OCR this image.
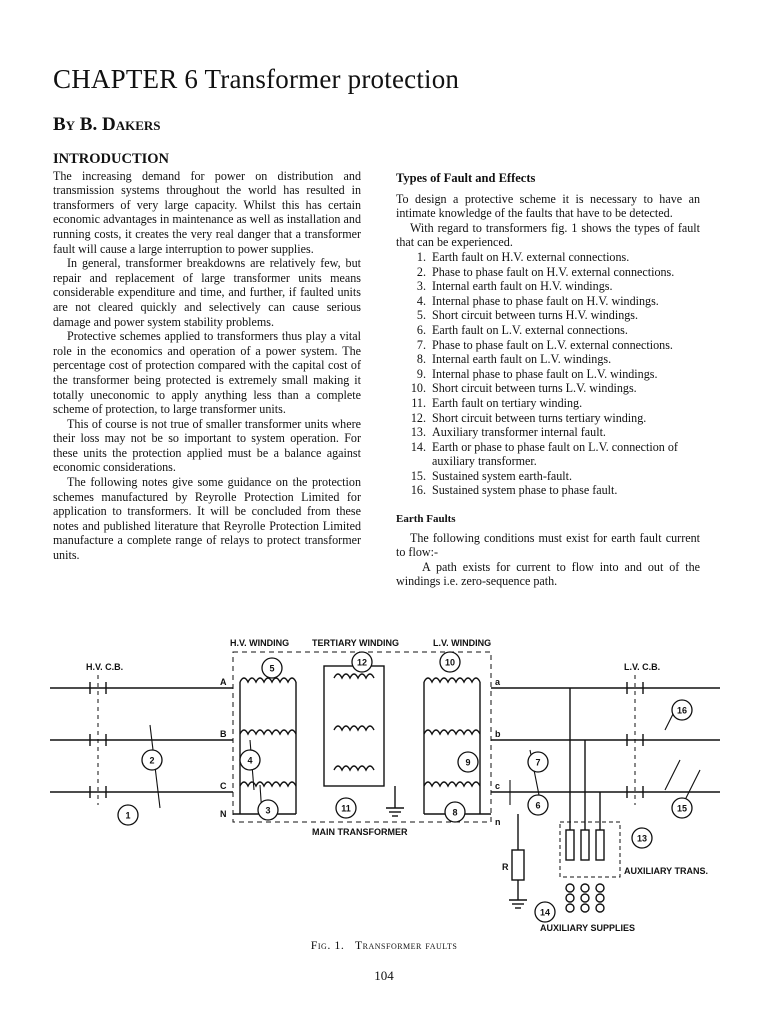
CHAPTER 6 Transformer protection
By B. Dakers
INTRODUCTION

The increasing demand for power on distribution and transmission systems throughout the world has resulted in transformers of very large capacity. Whilst this has certain economic advantages in maintenance as well as installation and running costs, it creates the very real danger that a transformer fault will cause a large interruption to power supplies.

In general, transformer breakdowns are relatively few, but repair and replacement of large transformer units means considerable expenditure and time, and further, if faulted units are not cleared quickly and selectively can cause serious damage and power system stability problems.

Protective schemes applied to transformers thus play a vital role in the economics and operation of a power system. The percentage cost of protection compared with the capital cost of the transformer being protected is extremely small making it totally uneconomic to apply anything less than a complete scheme of protection, to large transformer units.

This of course is not true of smaller transformer units where their loss may not be so important to system operation. For these units the protection applied must be a balance against economic considerations.

The following notes give some guidance on the protection schemes manufactured by Reyrolle Protection Limited for application to transformers. It will be concluded from these notes and published literature that Reyrolle Protection Limited manufacture a complete range of relays to protect transformer units.

Types of Fault and Effects

To design a protective scheme it is necessary to have an intimate knowledge of the faults that have to be detected.

With regard to transformers fig. 1 shows the types of fault that can be experienced.

1. Earth fault on H.V. external connections.
2. Phase to phase fault on H.V. external connections.
3. Internal earth fault on H.V. windings.
4. Internal phase to phase fault on H.V. windings.
5. Short circuit between turns H.V. windings.
6. Earth fault on L.V. external connections.
7. Phase to phase fault on L.V. external connections.
8. Internal earth fault on L.V. windings.
9. Internal phase to phase fault on L.V. windings.
10. Short circuit between turns L.V. windings.
11. Earth fault on tertiary winding.
12. Short circuit between turns tertiary winding.
13. Auxiliary transformer internal fault.
14. Earth or phase to phase fault on L.V. connection of auxiliary transformer.
15. Sustained system earth-fault.
16. Sustained system phase to phase fault.
Earth Faults

The following conditions must exist for earth fault current to flow:-

A path exists for current to flow into and out of the windings i.e. zero-sequence path.

H.V. WINDING	TERTIARY WINDING	L.V. WINDING
MAIN TRANSFORMER
H.V. C.B.
A
B
C
N
a
b
c
n
L.V. C.B.
R	AUXILIARY TRANS.
AUXILIARY SUPPLIES
1
2
3
4
5
6
7
8
9
10
11
12
13
14
15
16
Fig. 1. Transformer faults
104
